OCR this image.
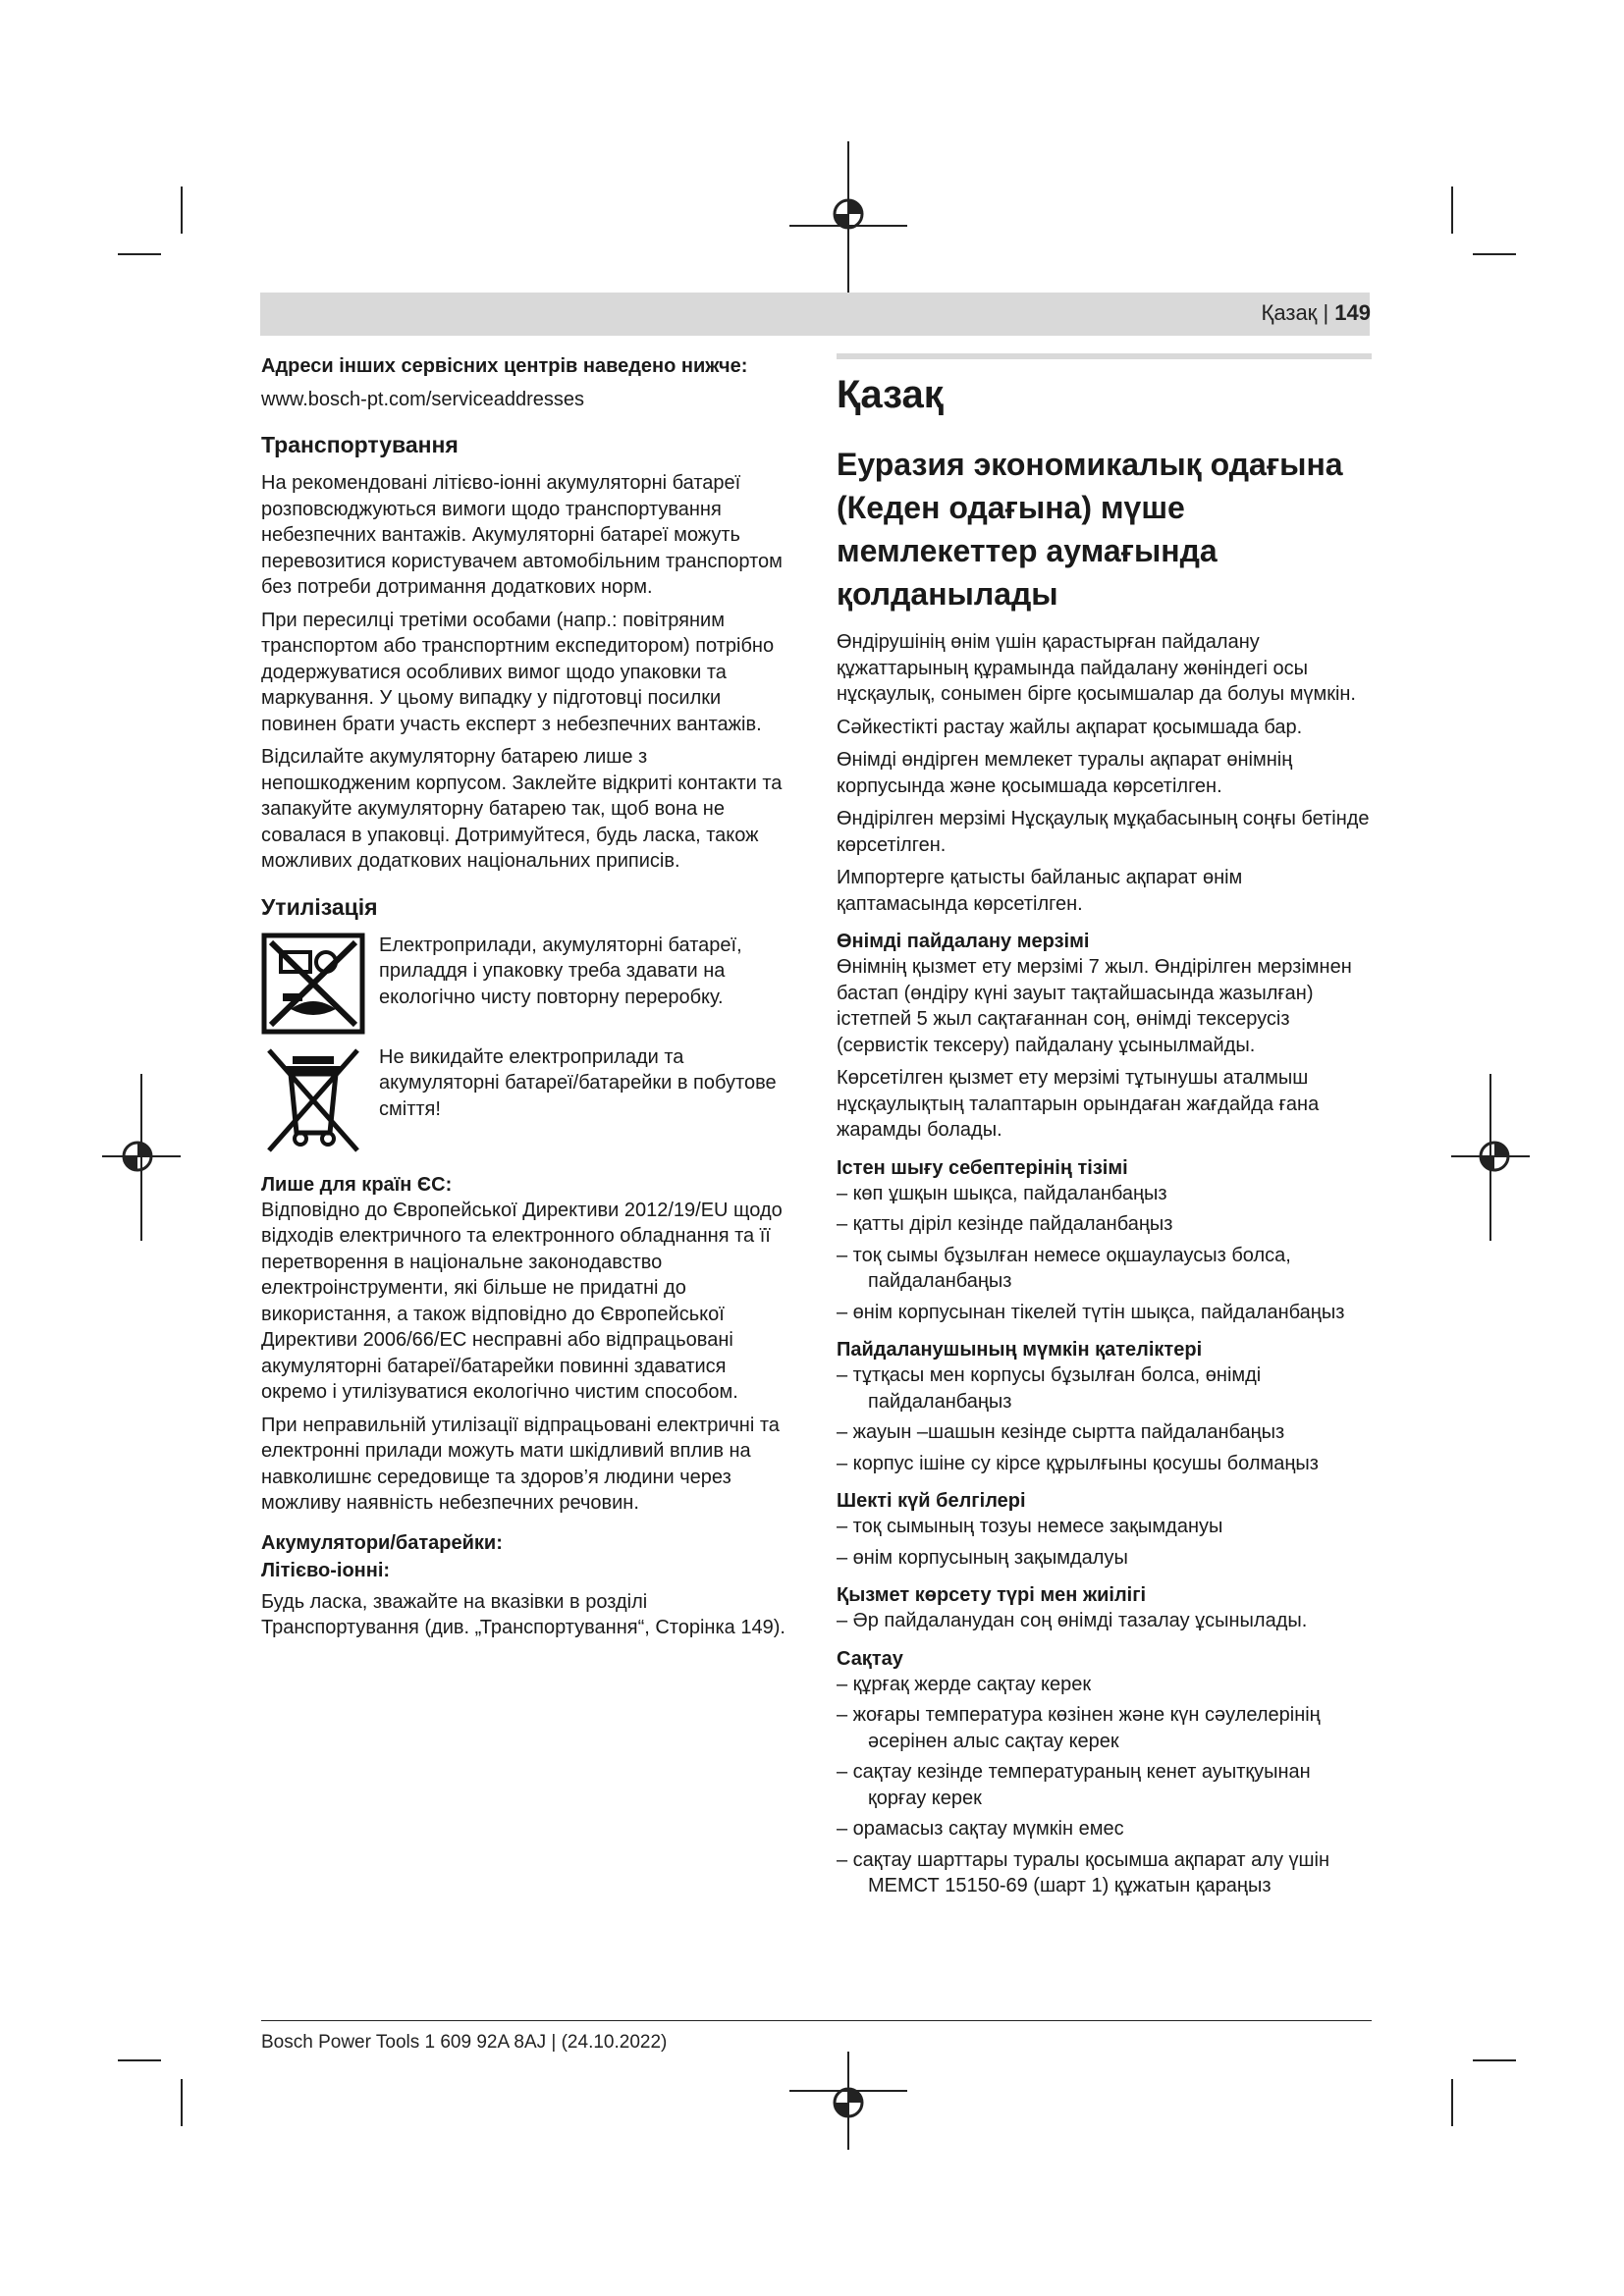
Қазақ | 149

Адреси інших сервісних центрів наведено нижче:

www.bosch-pt.com/serviceaddresses

Транспортування

На рекомендовані літієво-іонні акумуляторні батареї розповсюджуються вимоги щодо транспортування небезпечних вантажів. Акумуляторні батареї можуть перевозитися користувачем автомобільним транспортом без потреби дотримання додаткових норм.

При пересилці третіми особами (напр.: повітряним транспортом або транспортним експедитором) потрібно додержуватися особливих вимог щодо упаковки та маркування. У цьому випадку у підготовці посилки повинен брати участь експерт з небезпечних вантажів.

Відсилайте акумуляторну батарею лише з непошкодженим корпусом. Заклейте відкриті контакти та запакуйте акумуляторну батарею так, щоб вона не совалася в упаковці. Дотримуйтеся, будь ласка, також можливих додаткових національних приписів.

Утилізація

Електроприлади, акумуляторні батареї, приладдя і упаковку треба здавати на екологічно чисту повторну переробку.

Не викидайте електроприлади та акумуляторні батареї/батарейки в побутове сміття!

Лише для країн ЄС:

Відповідно до Європейської Директиви 2012/19/EU щодо відходів електричного та електронного обладнання та її перетворення в національне законодавство електроінструменти, які більше не придатні до використання, а також відповідно до Європейської Директиви 2006/66/EC несправні або відпрацьовані акумуляторні батареї/батарейки повинні здаватися окремо і утилізуватися екологічно чистим способом.

При неправильній утилізації відпрацьовані електричні та електронні прилади можуть мати шкідливий вплив на навколишнє середовище та здоров’я людини через можливу наявність небезпечних речовин.

Акумулятори/батарейки:
Літієво-іонні:

Будь ласка, зважайте на вказівки в розділі Транспортування (див. „Транспортування“, Сторінка 149).

Қазақ
Еуразия экономикалық одағына (Кеден одағына) мүше мемлекеттер аумағында қолданылады

Өндірушінің өнім үшін қарастырған пайдалану құжаттарының құрамында пайдалану жөніндегі осы нұсқаулық, сонымен бірге қосымшалар да болуы мүмкін.

Сәйкестікті растау жайлы ақпарат қосымшада бар.

Өнімді өндірген мемлекет туралы ақпарат өнімнің корпусында және қосымшада көрсетілген.

Өндірілген мерзімі Нұсқаулық мұқабасының соңғы бетінде көрсетілген.

Импортерге қатысты байланыс ақпарат өнім қаптамасында көрсетілген.

Өнімді пайдалану мерзімі

Өнімнің қызмет ету мерзімі 7 жыл. Өндірілген мерзімнен бастап (өндіру күні зауыт тақтайшасында жазылған) істетпей 5 жыл сақтағаннан соң, өнімді тексерусіз (сервистік тексеру) пайдалану ұсынылмайды.

Көрсетілген қызмет ету мерзімі тұтынушы аталмыш нұсқаулықтың талаптарын орындаған жағдайда ғана жарамды болады.

Істен шығу себептерінің тізімі
– көп ұшқын шықса, пайдаланбаңыз
– қатты діріл кезінде пайдаланбаңыз
– тоқ сымы бұзылған немесе оқшаулаусыз болса,
пайдаланбаңыз
– өнім корпусынан тікелей түтін шықса, пайдаланбаңыз
Пайдаланушының мүмкін қателіктері
– тұтқасы мен корпусы бұзылған болса, өнімді
пайдаланбаңыз
– жауын –шашын кезінде сыртта пайдаланбаңыз
– корпус ішіне су кірсе құрылғыны қосушы болмаңыз
Шекті күй белгілері
– тоқ сымының тозуы немесе зақымдануы
– өнім корпусының зақымдалуы
Қызмет көрсету түрі мен жиілігі
– Әр пайдаланудан соң өнімді тазалау ұсынылады.
Сақтау
– құрғақ жерде сақтау керек
– жоғары температура көзінен және күн сәулелерінің
әсерінен алыс сақтау керек
– сақтау кезінде температураның кенет ауытқуынан
қорғау керек
– орамасыз сақтау мүмкін емес
– сақтау шарттары туралы қосымша ақпарат алу үшін
МЕМСТ 15150-69 (шарт 1) құжатын қараңыз
Bosch Power Tools 1 609 92A 8AJ | (24.10.2022)
